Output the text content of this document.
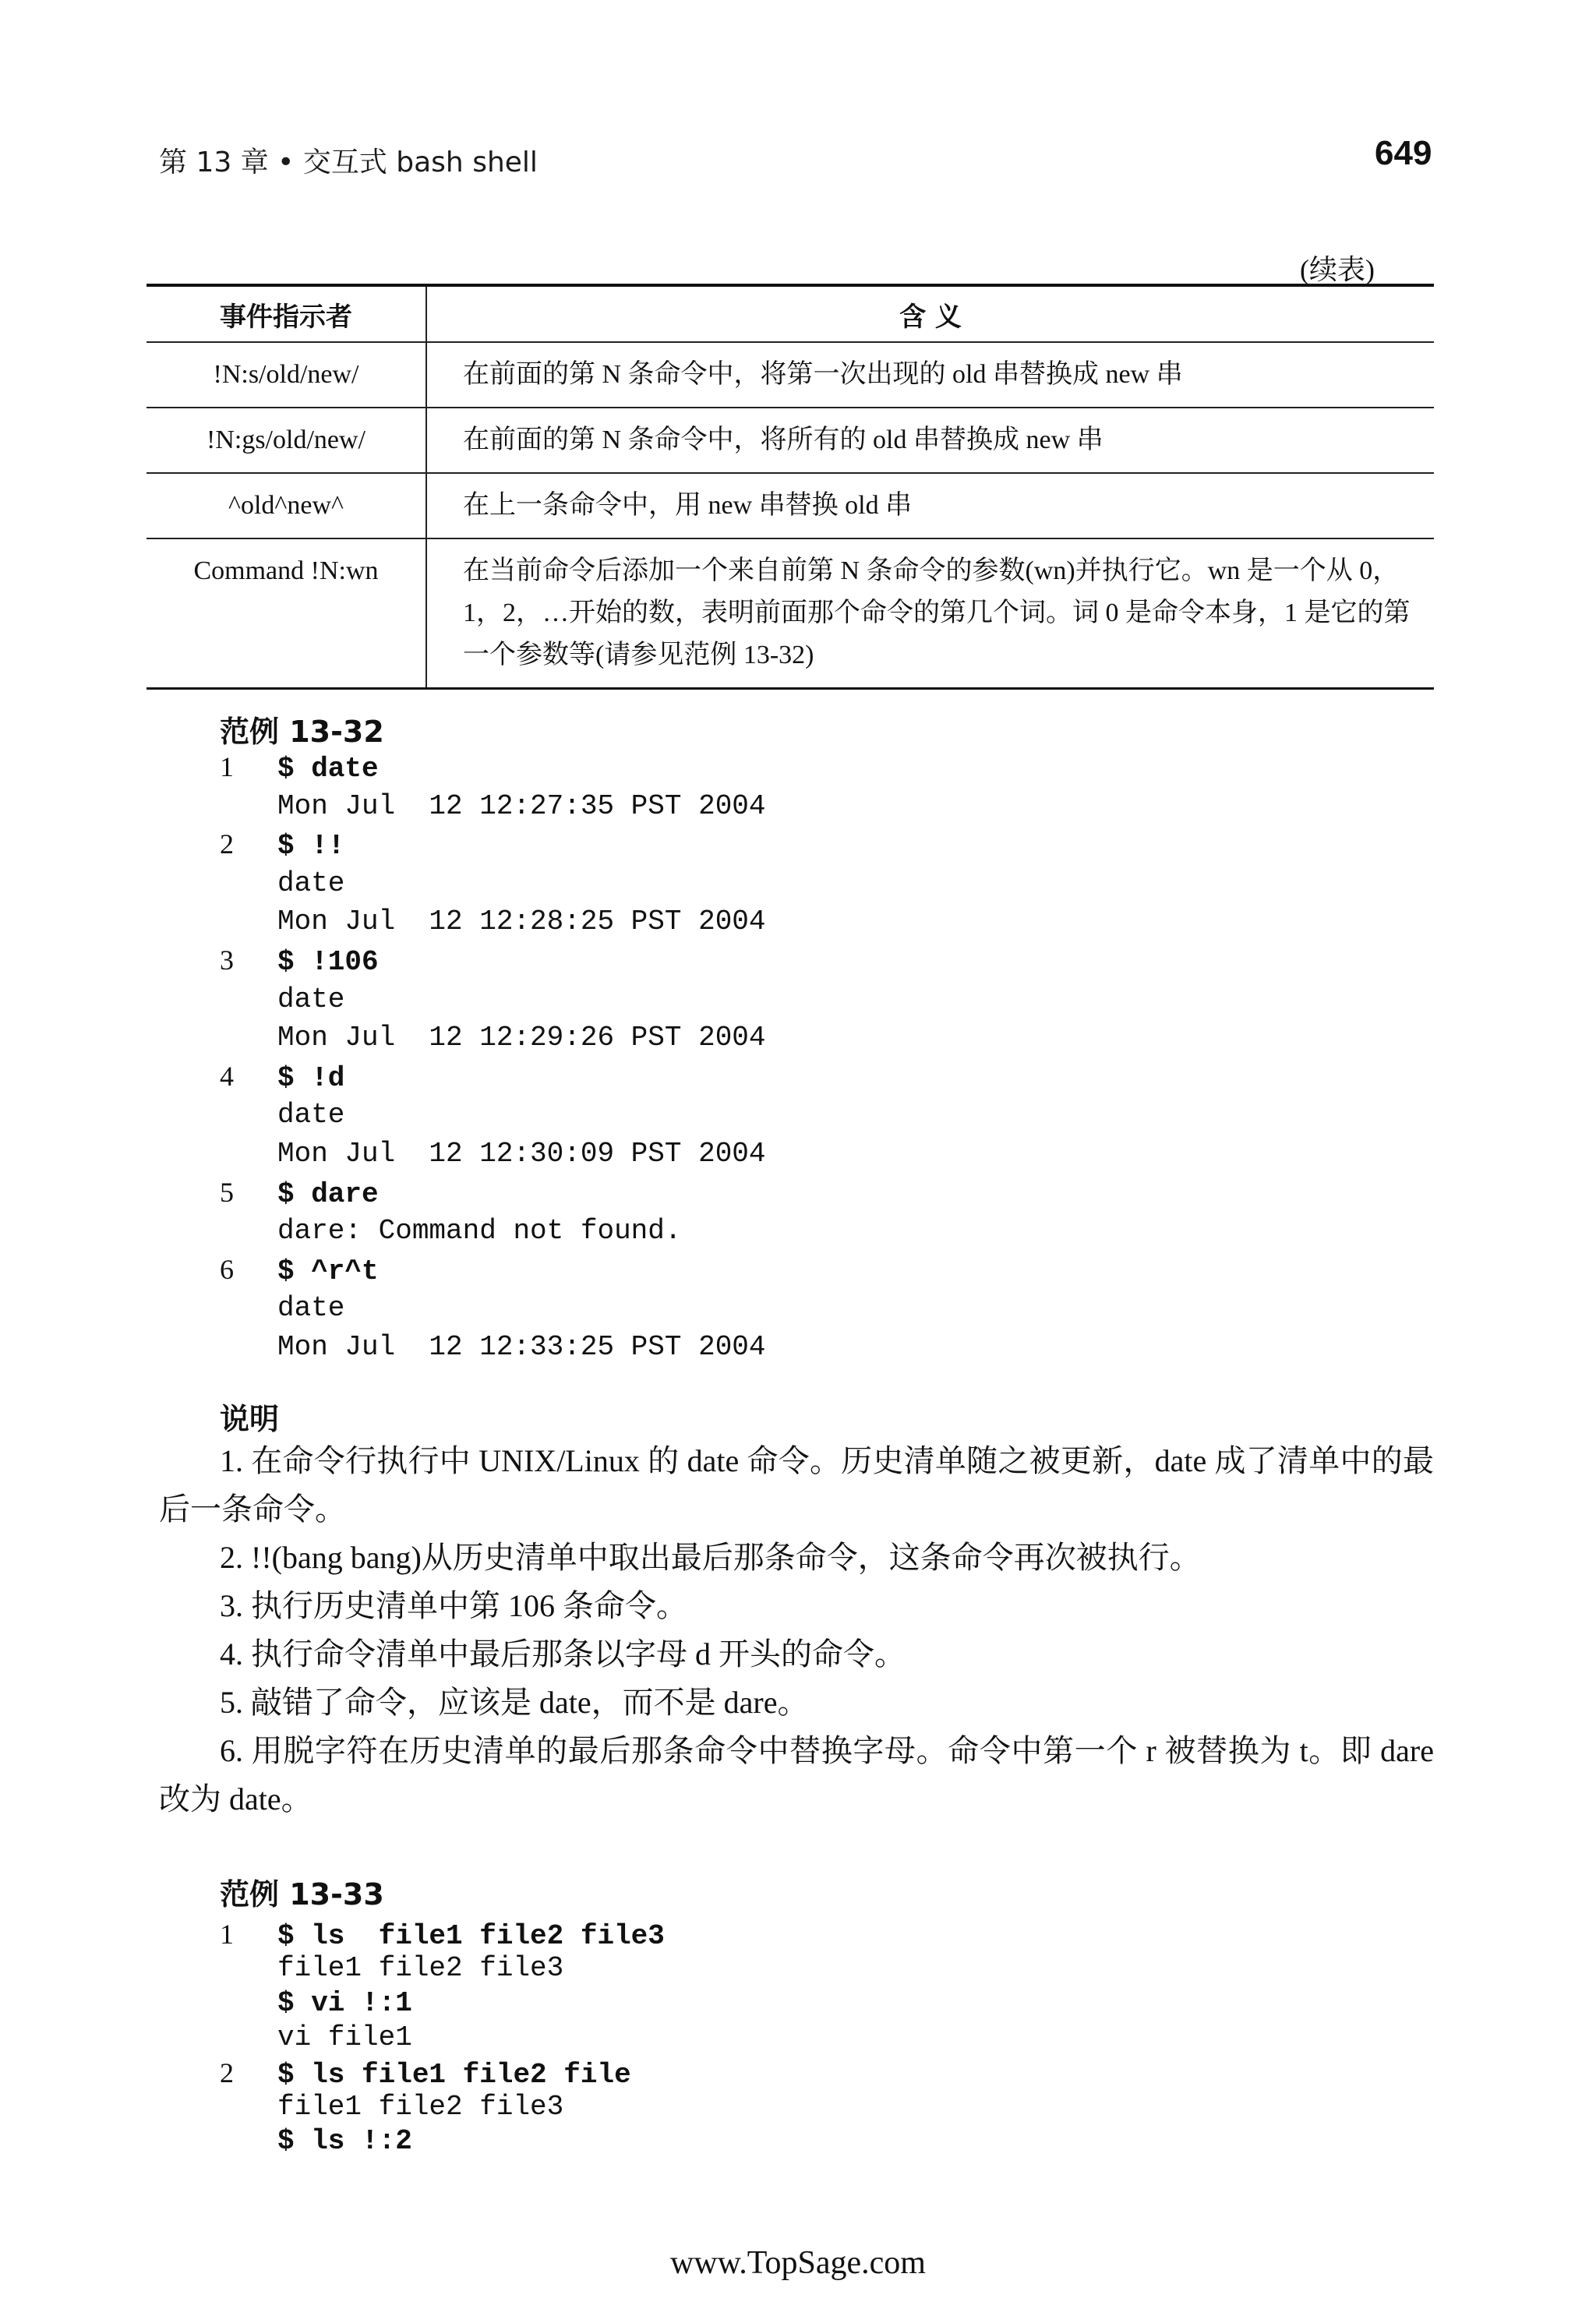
第 13 章 • 交互式 bash shell	649
(续表)
事件指示者	含 义
!N:s/old/new/	在前面的第 N 条命令中，将第一次出现的 old 串替换成 new 串
!N:gs/old/new/	在前面的第 N 条命令中，将所有的 old 串替换成 new 串
^old^new^	在上一条命令中，用 new 串替换 old 串
Command !N:wn	在当前命令后添加一个来自前第 N 条命令的参数(wn)并执行它。wn 是一个从 0，1，2，…开始的数，表明前面那个命令的第几个词。词 0 是命令本身，1 是它的第一个参数等(请参见范例 13-32)
范例 13-32
1 $ date
Mon Jul  12 12:27:35 PST 2004
2 $ !!
date
Mon Jul  12 12:28:25 PST 2004
3 $ !106
date
Mon Jul  12 12:29:26 PST 2004
4 $ !d
date
Mon Jul  12 12:30:09 PST 2004
5 $ dare
dare: Command not found.
6 $ ^r^t
date
Mon Jul  12 12:33:25 PST 2004
说明

1. 在命令行执行中 UNIX/Linux 的 date 命令。历史清单随之被更新，date 成了清单中的最后一条命令。

2. !!(bang bang)从历史清单中取出最后那条命令，这条命令再次被执行。

3. 执行历史清单中第 106 条命令。

4. 执行命令清单中最后那条以字母 d 开头的命令。

5. 敲错了命令，应该是 date，而不是 dare。

6. 用脱字符在历史清单的最后那条命令中替换字母。命令中第一个 r 被替换为 t。即 dare 改为 date。

范例 13-33
1 $ ls  file1 file2 file3
file1 file2 file3
$ vi !:1
vi file1
2 $ ls file1 file2 file
file1 file2 file3
$ ls !:2
www.TopSage.com
